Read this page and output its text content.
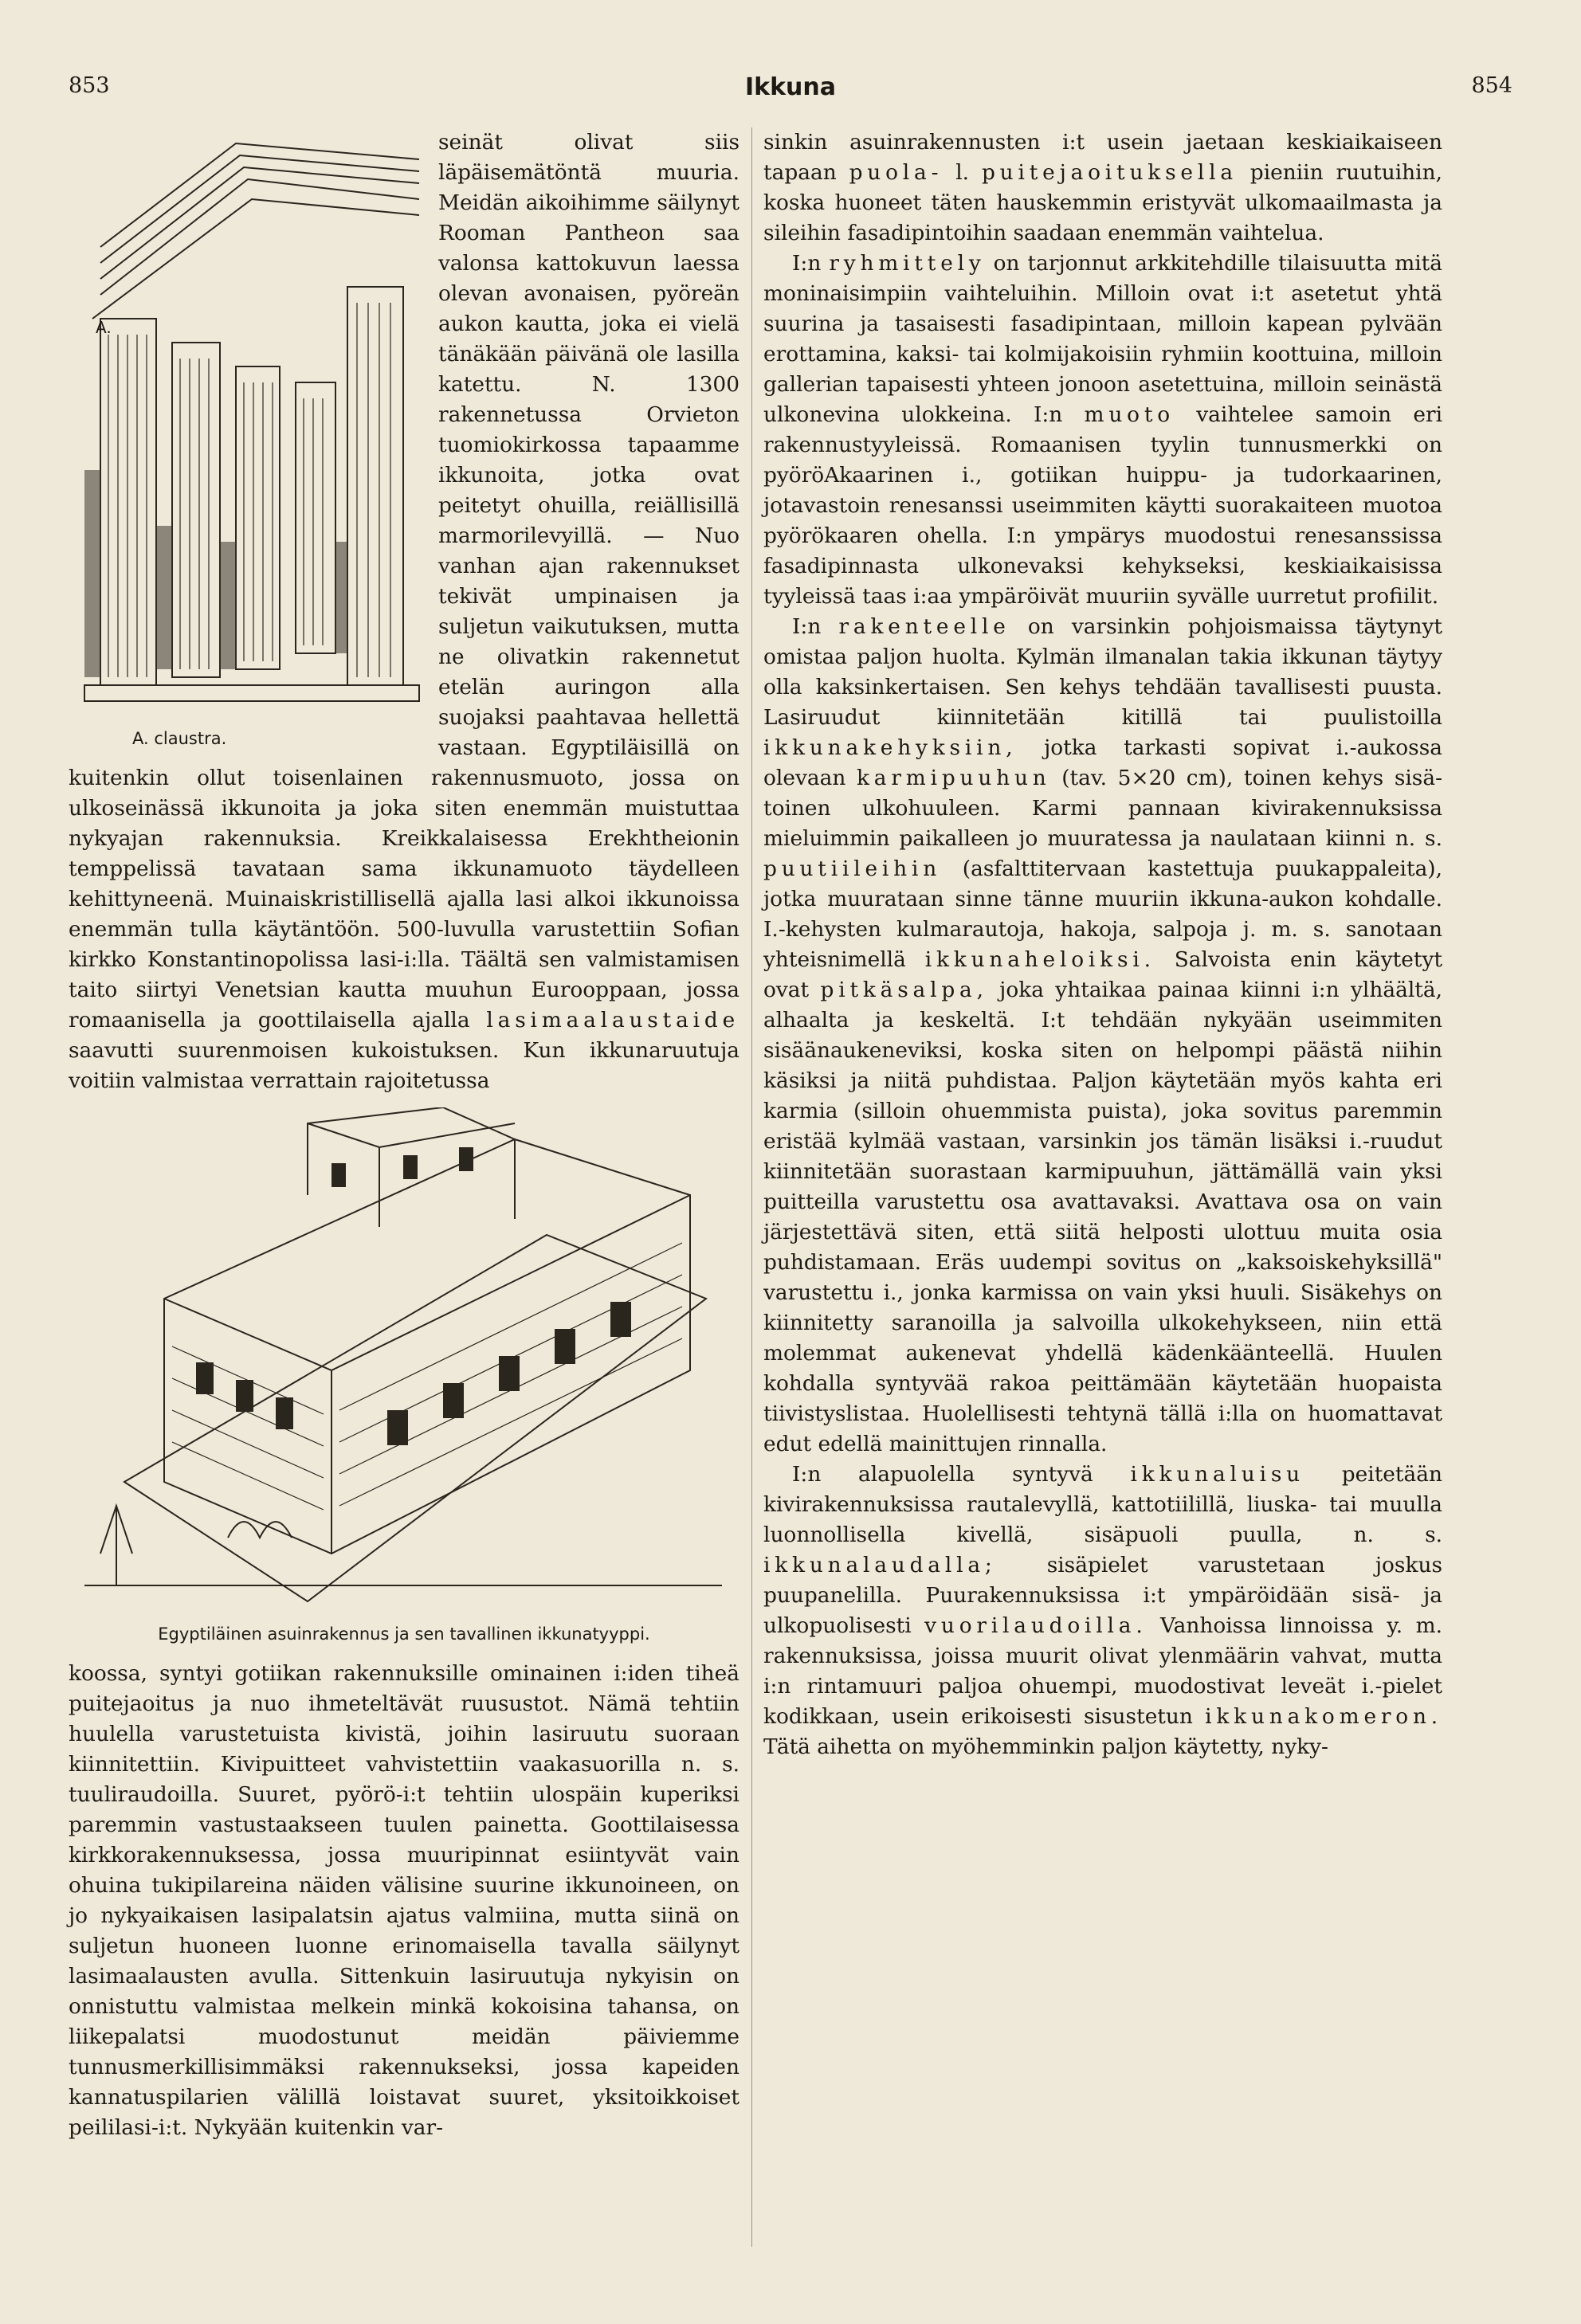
853	Ikkuna	854
A.
A. claustra.

seinät olivat siis läpäisemätöntä muuria. Meidän aikoihimme säilynyt Rooman Pantheon saa valonsa kattokuvun laessa olevan avonaisen, pyöreän aukon kautta, joka ei vielä tänäkään päivänä ole lasilla katettu. N. 1300 rakennetussa Orvieton tuomiokirkossa tapaamme ikkunoita, jotka ovat peitetyt ohuilla, reiällisillä marmorilevyillä. — Nuo vanhan ajan rakennukset tekivät umpinaisen ja suljetun vaikutuksen, mutta ne olivatkin rakennetut etelän auringon alla suojaksi paahtavaa hellettä vastaan. Egyptiläisillä on kuitenkin ollut toisenlainen rakennusmuoto, jossa on ulkoseinässä ikkunoita ja joka siten enemmän muistuttaa nykyajan rakennuksia. Kreikkalaisessa Erekhtheionin temppelissä tavataan sama ikkunamuoto täydelleen kehittyneenä. Muinaiskristillisellä ajalla lasi alkoi ikkunoissa enemmän tulla käytäntöön. 500-luvulla varustettiin Sofian kirkko Konstantinopolissa lasi-i:lla. Täältä sen valmistamisen taito siirtyi Venetsian kautta muuhun Eurooppaan, jossa romaanisella ja goottilaisella ajalla lasimaalaustaide saavutti suurenmoisen kukoistuksen. Kun ikkunaruutuja voitiin valmistaa verrattain rajoitetussa

Egyptiläinen asuinrakennus ja sen tavallinen ikkunatyyppi.

koossa, syntyi gotiikan rakennuksille ominainen i:iden tiheä puitejaoitus ja nuo ihmeteltävät ruusustot. Nämä tehtiin huulella varustetuista kivistä, joihin lasiruutu suoraan kiinnitettiin. Kivipuitteet vahvistettiin vaakasuorilla n. s. tuuliraudoilla. Suuret, pyörö-i:t tehtiin ulospäin kuperiksi paremmin vastustaakseen tuulen painetta. Goottilaisessa kirkkorakennuksessa, jossa muuripinnat esiintyvät vain ohuina tukipilareina näiden välisine suurine ikkunoineen, on jo nykyaikaisen lasipalatsin ajatus valmiina, mutta siinä on suljetun huoneen luonne erinomaisella tavalla säilynyt lasimaalausten avulla. Sittenkuin lasiruutuja nykyisin on onnistuttu valmistaa melkein minkä kokoisina tahansa, on liikepalatsi muodostunut meidän päiviemme tunnusmerkillisimmäksi rakennukseksi, jossa kapeiden kannatuspilarien välillä loistavat suuret, yksitoikkoiset peililasi-i:t. Nykyään kuitenkin var-

sinkin asuinrakennusten i:t usein jaetaan keskiaikaiseen tapaan puola- l. puitejaoituksella pieniin ruutuihin, koska huoneet täten hauskemmin eristyvät ulkomaailmasta ja sileihin fasadipintoihin saadaan enemmän vaihtelua.

I:n ryhmittely on tarjonnut arkkitehdille tilaisuutta mitä moninaisimpiin vaihteluihin. Milloin ovat i:t asetetut yhtä suurina ja tasaisesti fasadipintaan, milloin kapean pylvään erottamina, kaksi- tai kolmijakoisiin ryhmiin koottuina, milloin gallerian tapaisesti yhteen jonoon asetettuina, milloin seinästä ulkonevina ulokkeina. I:n muoto vaihtelee samoin eri rakennustyyleissä. Romaanisen tyylin tunnusmerkki on pyöröAkaarinen i., gotiikan huippu- ja tudorkaarinen, jotavastoin renesanssi useimmiten käytti suorakaiteen muotoa pyörökaaren ohella. I:n ympärys muodostui renesanssissa fasadipinnasta ulkonevaksi kehykseksi, keskiaikaisissa tyyleissä taas i:aa ympäröivät muuriin syvälle uurretut profiilit.

I:n rakenteelle on varsinkin pohjoismaissa täytynyt omistaa paljon huolta. Kylmän ilmanalan takia ikkunan täytyy olla kaksinkertaisen. Sen kehys tehdään tavallisesti puusta. Lasiruudut kiinnitetään kitillä tai puulistoilla ikkunakehyksiin, jotka tarkasti sopivat i.-aukossa olevaan karmipuuhun (tav. 5×20 cm), toinen kehys sisä- toinen ulkohuuleen. Karmi pannaan kivirakennuksissa mieluimmin paikalleen jo muuratessa ja naulataan kiinni n. s. puutiileihin (asfalttitervaan kastettuja puukappaleita), jotka muurataan sinne tänne muuriin ikkuna-aukon kohdalle. I.-kehysten kulmarautoja, hakoja, salpoja j. m. s. sanotaan yhteisnimellä ikkunaheloiksi. Salvoista enin käytetyt ovat pitkäsalpa, joka yhtaikaa painaa kiinni i:n ylhäältä, alhaalta ja keskeltä. I:t tehdään nykyään useimmiten sisäänaukeneviksi, koska siten on helpompi päästä niihin käsiksi ja niitä puhdistaa. Paljon käytetään myös kahta eri karmia (silloin ohuemmista puista), joka sovitus paremmin eristää kylmää vastaan, varsinkin jos tämän lisäksi i.-ruudut kiinnitetään suorastaan karmipuuhun, jättämällä vain yksi puitteilla varustettu osa avattavaksi. Avattava osa on vain järjestettävä siten, että siitä helposti ulottuu muita osia puhdistamaan. Eräs uudempi sovitus on „kaksoiskehyksillä" varustettu i., jonka karmissa on vain yksi huuli. Sisäkehys on kiinnitetty saranoilla ja salvoilla ulkokehykseen, niin että molemmat aukenevat yhdellä kädenkäänteellä. Huulen kohdalla syntyvää rakoa peittämään käytetään huopaista tiivistyslistaa. Huolellisesti tehtynä tällä i:lla on huomattavat edut edellä mainittujen rinnalla.

I:n alapuolella syntyvä ikkunaluisu peitetään kivirakennuksissa rautalevyllä, kattotiilillä, liuska- tai muulla luonnollisella kivellä, sisäpuoli puulla, n. s. ikkunalaudalla; sisäpielet varustetaan joskus puupanelilla. Puurakennuksissa i:t ympäröidään sisä- ja ulkopuolisesti vuorilaudoilla. Vanhoissa linnoissa y. m. rakennuksissa, joissa muurit olivat ylenmäärin vahvat, mutta i:n rintamuuri paljoa ohuempi, muodostivat leveät i.-pielet kodikkaan, usein erikoisesti sisustetun ikkunakomeron. Tätä aihetta on myöhemminkin paljon käytetty, nyky-
